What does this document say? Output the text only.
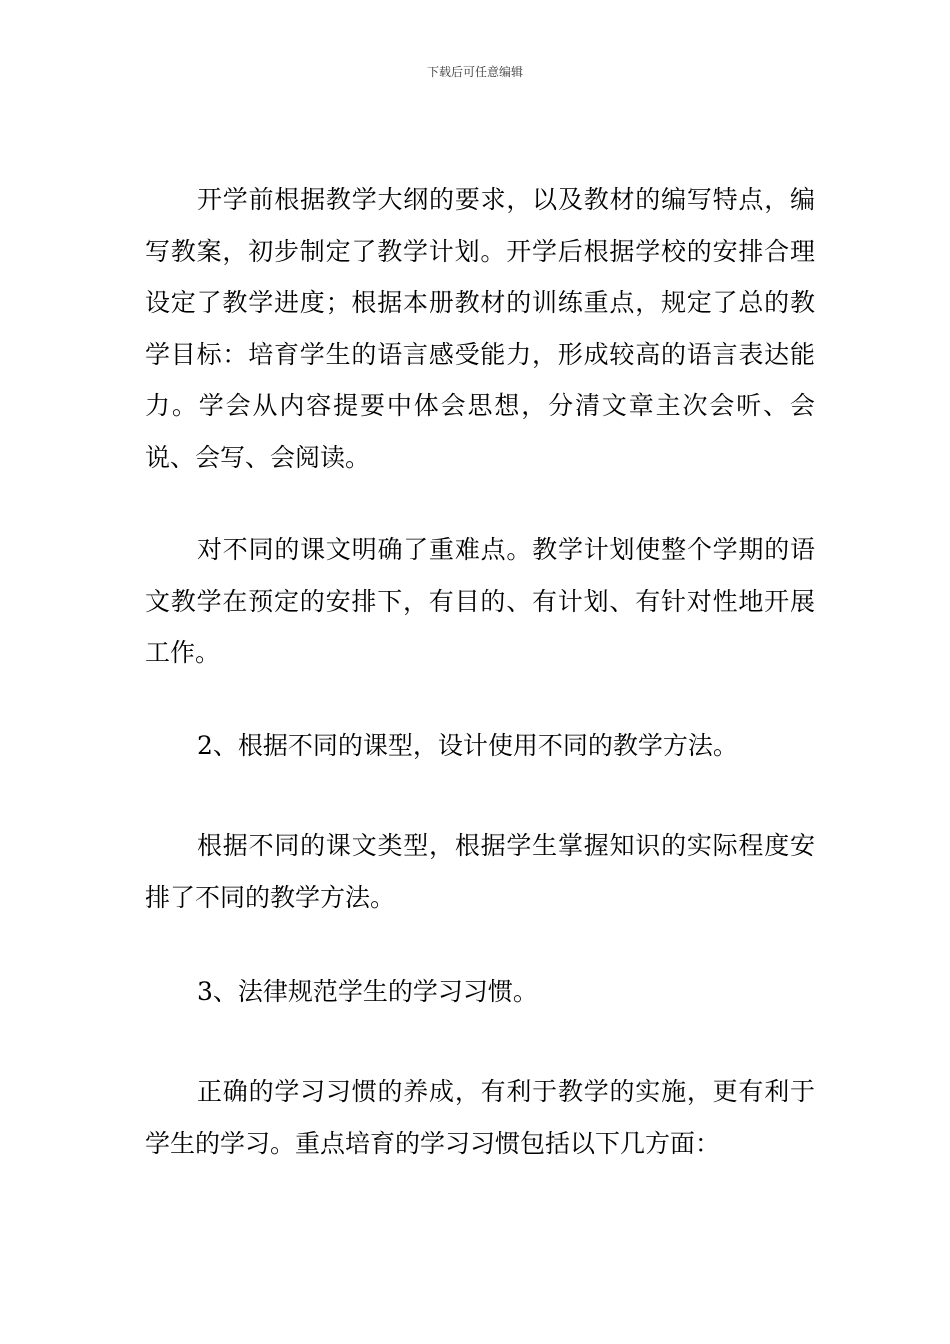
下载后可任意编辑

开学前根据教学大纲的要求，以及教材的编写特点，编写教案，初步制定了教学计划。开学后根据学校的安排合理设定了教学进度；根据本册教材的训练重点，规定了总的教学目标：培育学生的语言感受能力，形成较高的语言表达能力。学会从内容提要中体会思想，分清文章主次会听、会说、会写、会阅读。

对不同的课文明确了重难点。教学计划使整个学期的语文教学在预定的安排下，有目的、有计划、有针对性地开展工作。

2、根据不同的课型，设计使用不同的教学方法。

根据不同的课文类型，根据学生掌握知识的实际程度安排了不同的教学方法。

3、法律规范学生的学习习惯。

正确的学习习惯的养成，有利于教学的实施，更有利于学生的学习。重点培育的学习习惯包括以下几方面：
